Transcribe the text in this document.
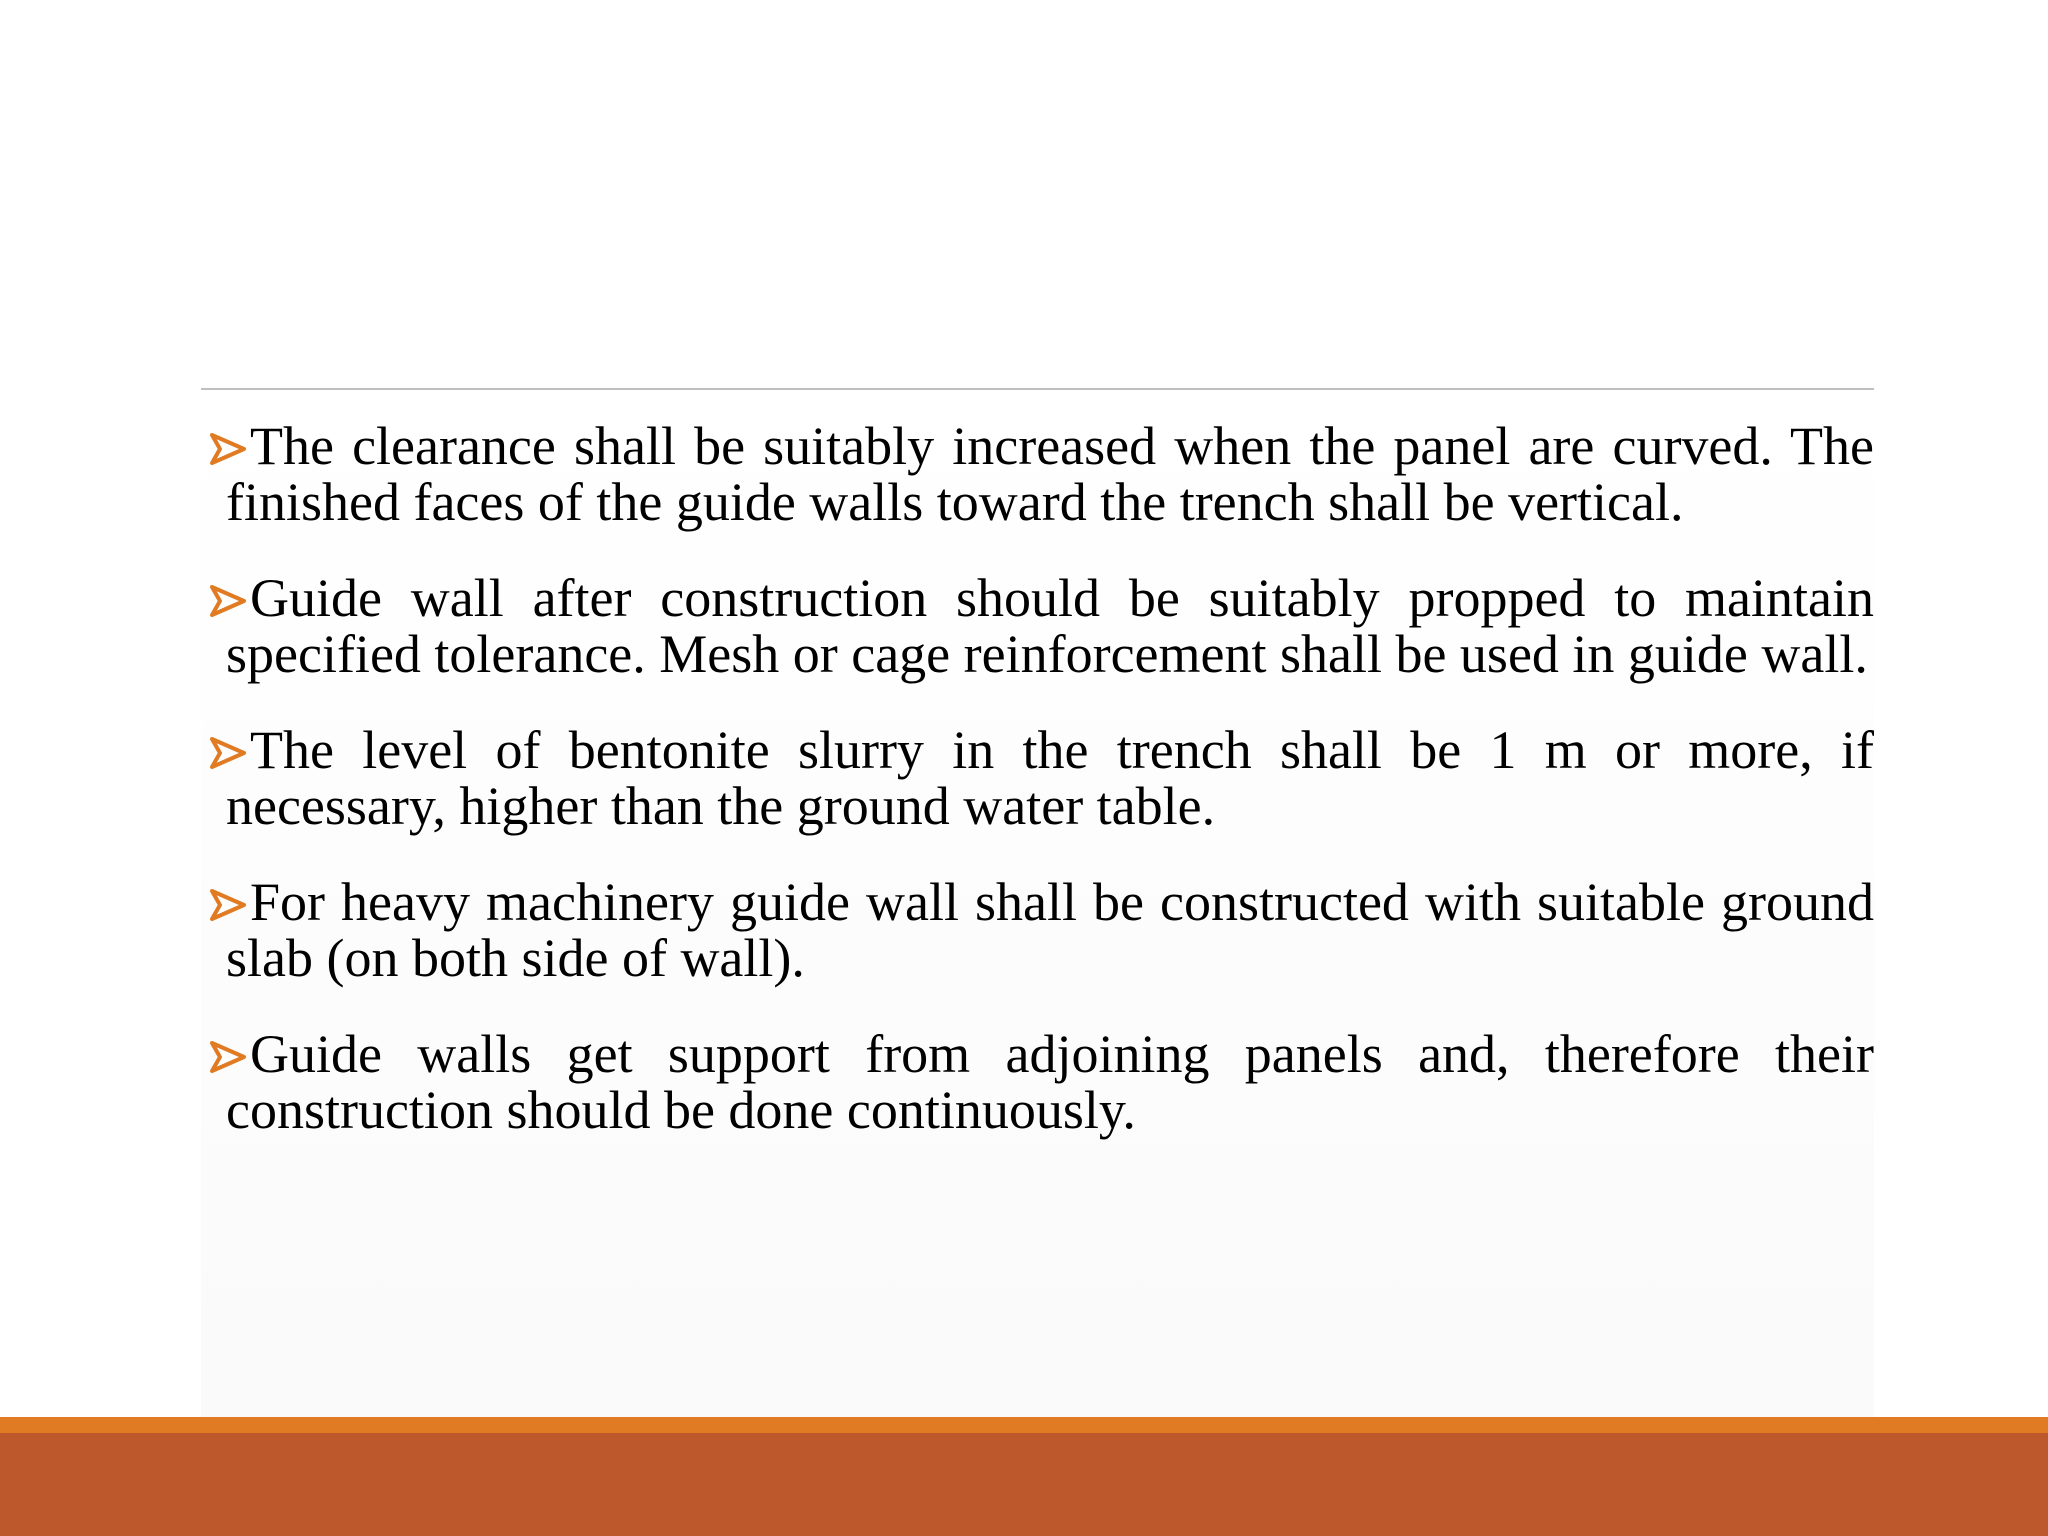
The clearance shall be suitably increased when the panel are curved. The finished faces of the guide walls toward the trench shall be vertical.
Guide wall after construction should be suitably propped to maintain specified tolerance. Mesh or cage reinforcement shall be used in guide wall.
The level of bentonite slurry in the trench shall be 1 m or more, if necessary, higher than the ground water table.
For heavy machinery guide wall shall be constructed with suitable ground slab (on both side of wall).
Guide walls get support from adjoining panels and, therefore their construction should be done continuously.
